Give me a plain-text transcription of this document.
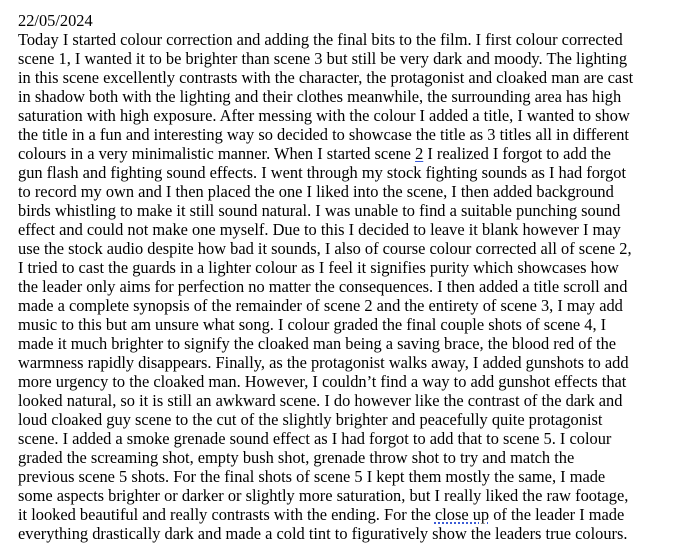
22/05/2024
Today I started colour correction and adding the final bits to the film. I first colour corrected
scene 1, I wanted it to be brighter than scene 3 but still be very dark and moody. The lighting
in this scene excellently contrasts with the character, the protagonist and cloaked man are cast
in shadow both with the lighting and their clothes meanwhile, the surrounding area has high
saturation with high exposure. After messing with the colour I added a title, I wanted to show
the title in a fun and interesting way so decided to showcase the title as 3 titles all in different
colours in a very minimalistic manner. When I started scene 2 I realized I forgot to add the
gun flash and fighting sound effects. I went through my stock fighting sounds as I had forgot
to record my own and I then placed the one I liked into the scene, I then added background
birds whistling to make it still sound natural. I was unable to find a suitable punching sound
effect and could not make one myself. Due to this I decided to leave it blank however I may
use the stock audio despite how bad it sounds, I also of course colour corrected all of scene 2,
I tried to cast the guards in a lighter colour as I feel it signifies purity which showcases how
the leader only aims for perfection no matter the consequences. I then added a title scroll and
made a complete synopsis of the remainder of scene 2 and the entirety of scene 3, I may add
music to this but am unsure what song. I colour graded the final couple shots of scene 4, I
made it much brighter to signify the cloaked man being a saving brace, the blood red of the
warmness rapidly disappears. Finally, as the protagonist walks away, I added gunshots to add
more urgency to the cloaked man. However, I couldn’t find a way to add gunshot effects that
looked natural, so it is still an awkward scene. I do however like the contrast of the dark and
loud cloaked guy scene to the cut of the slightly brighter and peacefully quite protagonist
scene. I added a smoke grenade sound effect as I had forgot to add that to scene 5. I colour
graded the screaming shot, empty bush shot, grenade throw shot to try and match the
previous scene 5 shots. For the final shots of scene 5 I kept them mostly the same, I made
some aspects brighter or darker or slightly more saturation, but I really liked the raw footage,
it looked beautiful and really contrasts with the ending. For the close up of the leader I made
everything drastically dark and made a cold tint to figuratively show the leaders true colours.
